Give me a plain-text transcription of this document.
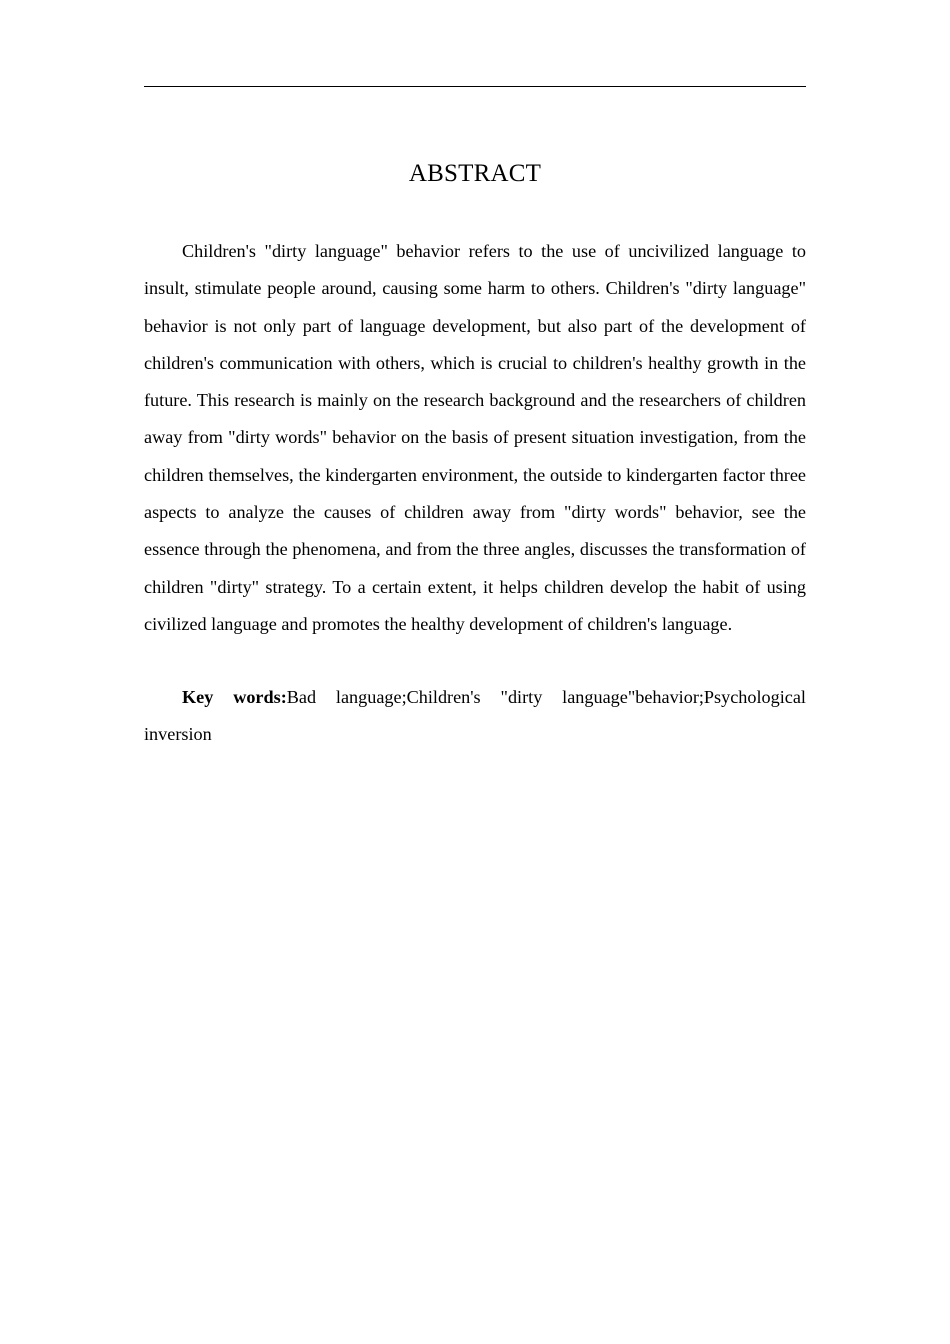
ABSTRACT

Children's "dirty language" behavior refers to the use of uncivilized language to insult, stimulate people around, causing some harm to others. Children's "dirty language" behavior is not only part of language development, but also part of the development of children's communication with others, which is crucial to children's healthy growth in the future. This research is mainly on the research background and the researchers of children away from "dirty words" behavior on the basis of present situation investigation, from the children themselves, the kindergarten environment, the outside to kindergarten factor three aspects to analyze the causes of children away from "dirty words" behavior, see the essence through the phenomena, and from the three angles, discusses the transformation of children "dirty" strategy. To a certain extent, it helps children develop the habit of using civilized language and promotes the healthy development of children's language.

Key words:Bad language;Children's "dirty language"behavior;Psychological inversion
